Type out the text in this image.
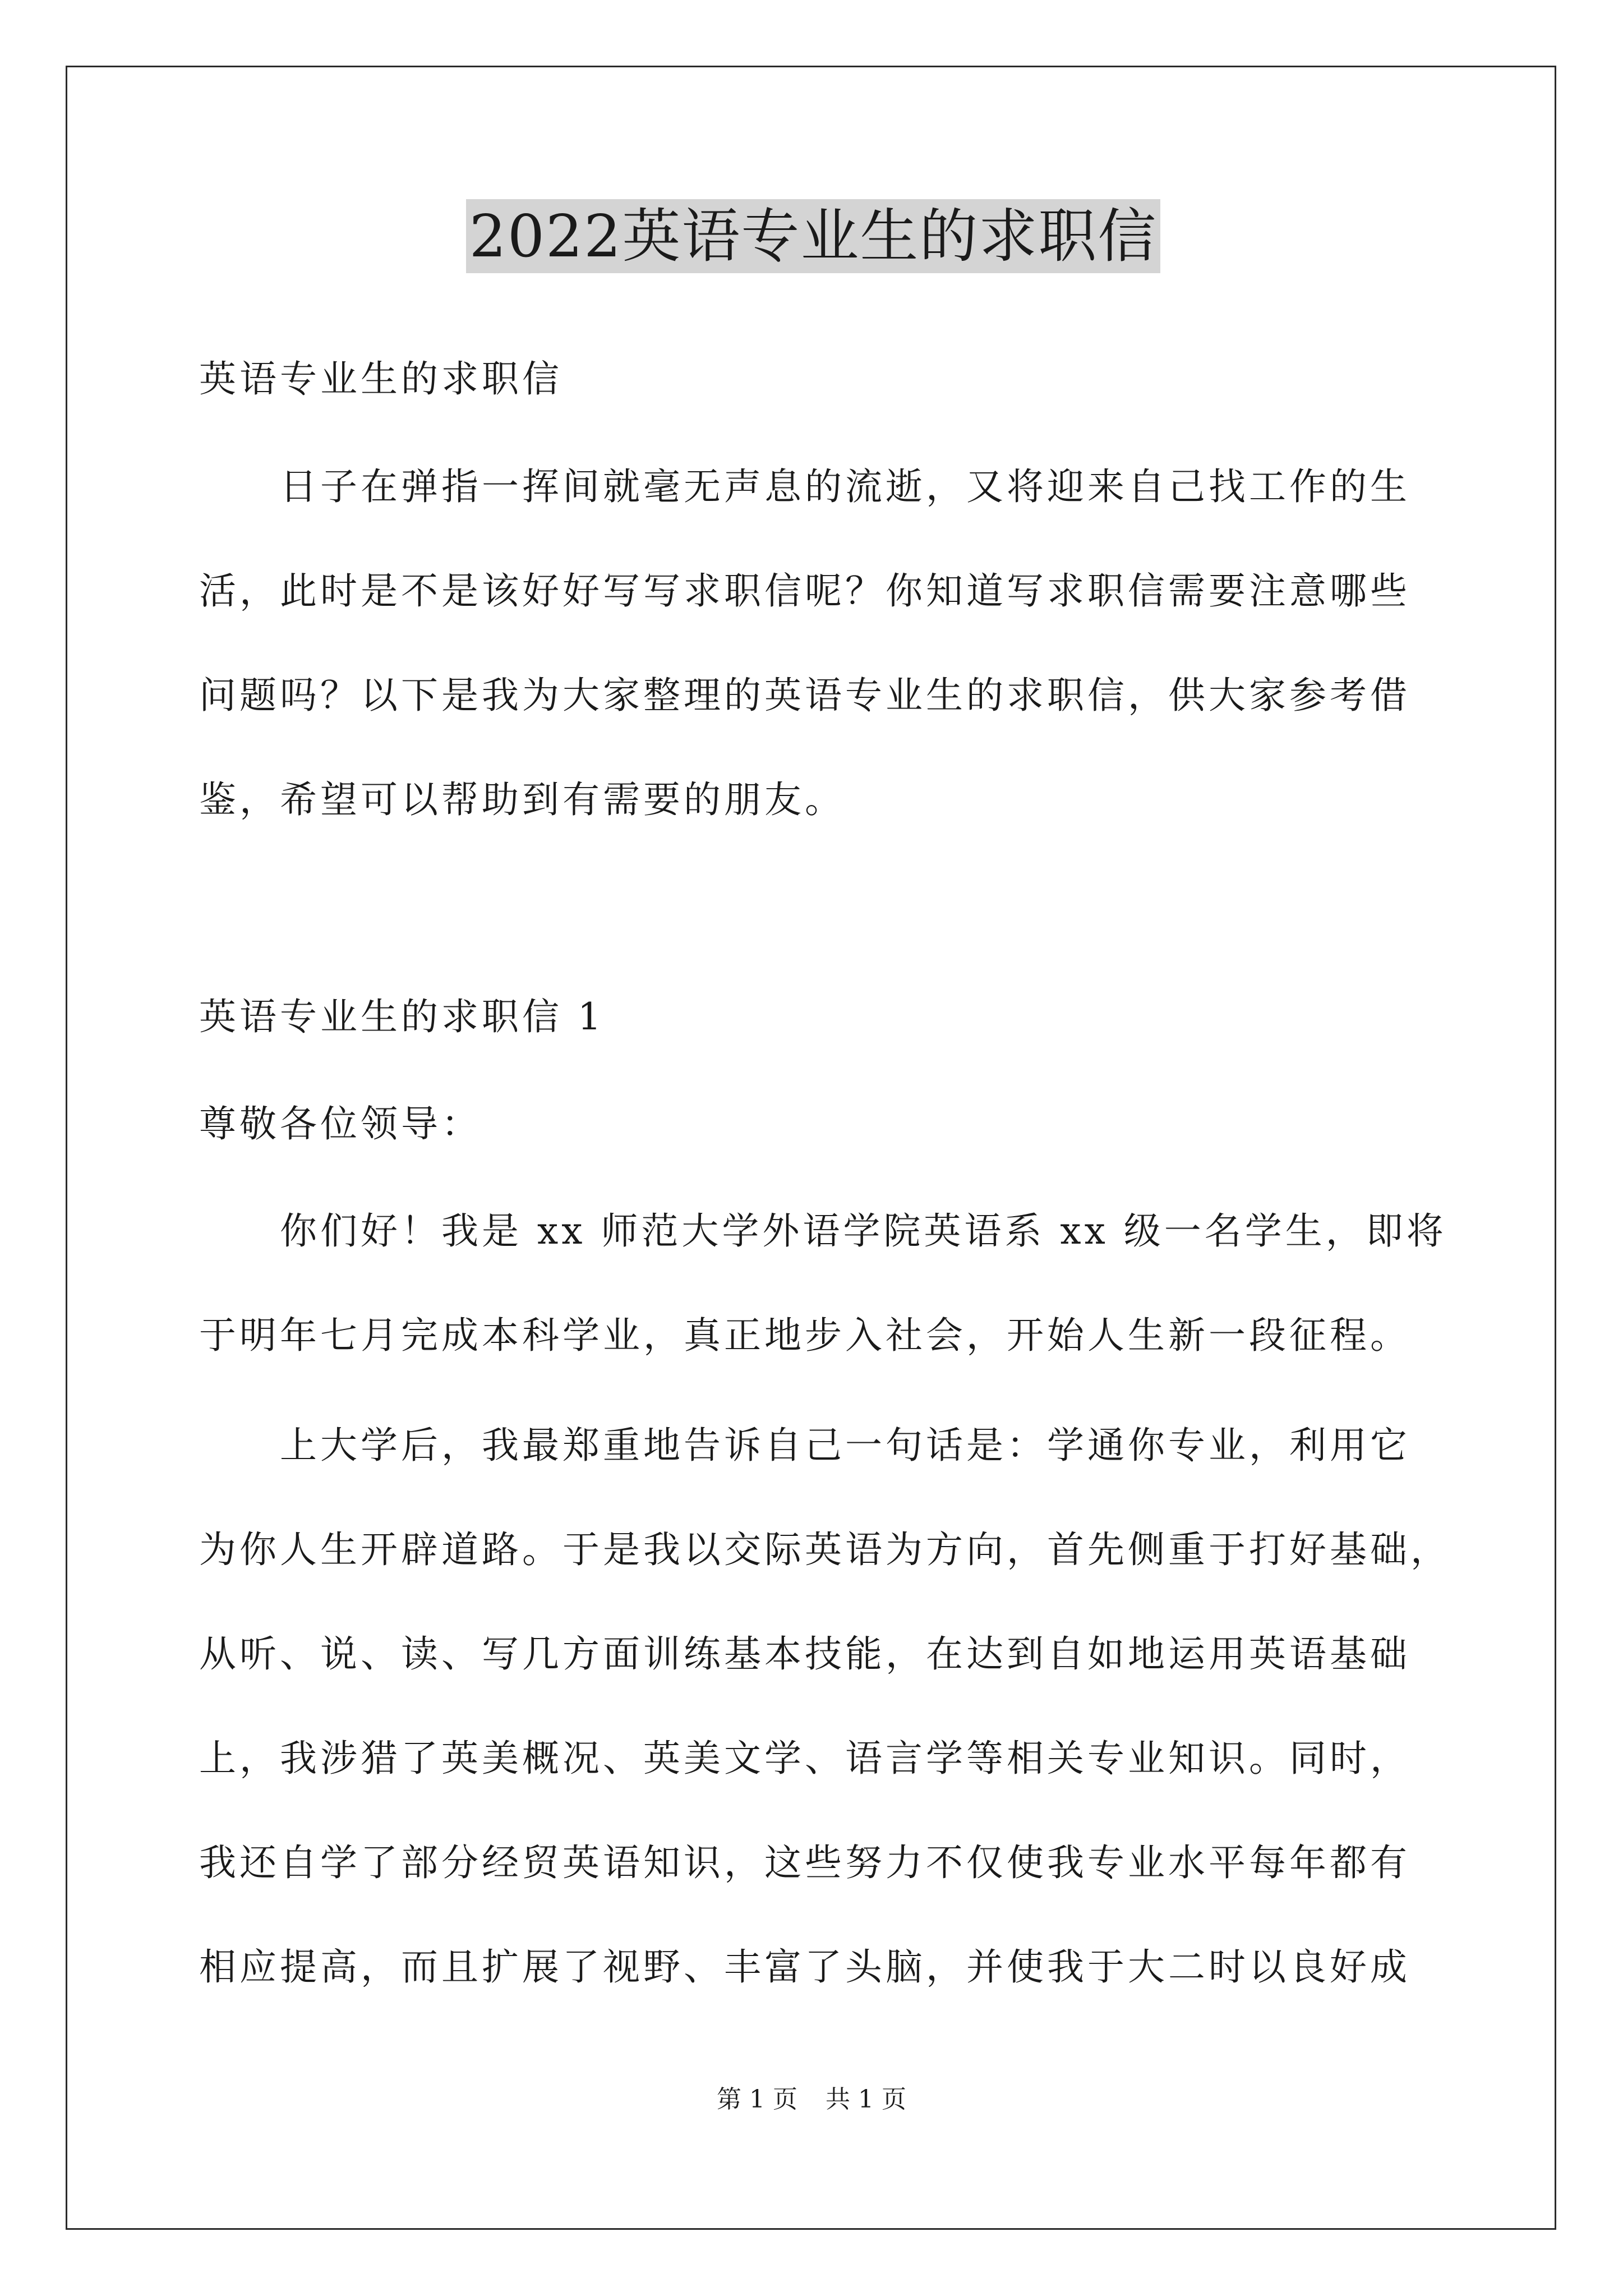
2022英语专业生的求职信
英语专业生的求职信
日子在弹指一挥间就毫无声息的流逝，又将迎来自己找工作的生
活，此时是不是该好好写写求职信呢？你知道写求职信需要注意哪些
问题吗？以下是我为大家整理的英语专业生的求职信，供大家参考借
鉴，希望可以帮助到有需要的朋友。
英语专业生的求职信 1
尊敬各位领导：
你们好！我是 xx 师范大学外语学院英语系 xx 级一名学生，即将
于明年七月完成本科学业，真正地步入社会，开始人生新一段征程。
上大学后，我最郑重地告诉自己一句话是：学通你专业，利用它
为你人生开辟道路。于是我以交际英语为方向，首先侧重于打好基础，
从听、说、读、写几方面训练基本技能，在达到自如地运用英语基础
上，我涉猎了英美概况、英美文学、语言学等相关专业知识。同时，
我还自学了部分经贸英语知识，这些努力不仅使我专业水平每年都有
相应提高，而且扩展了视野、丰富了头脑，并使我于大二时以良好成
第 1 页 共 1 页
